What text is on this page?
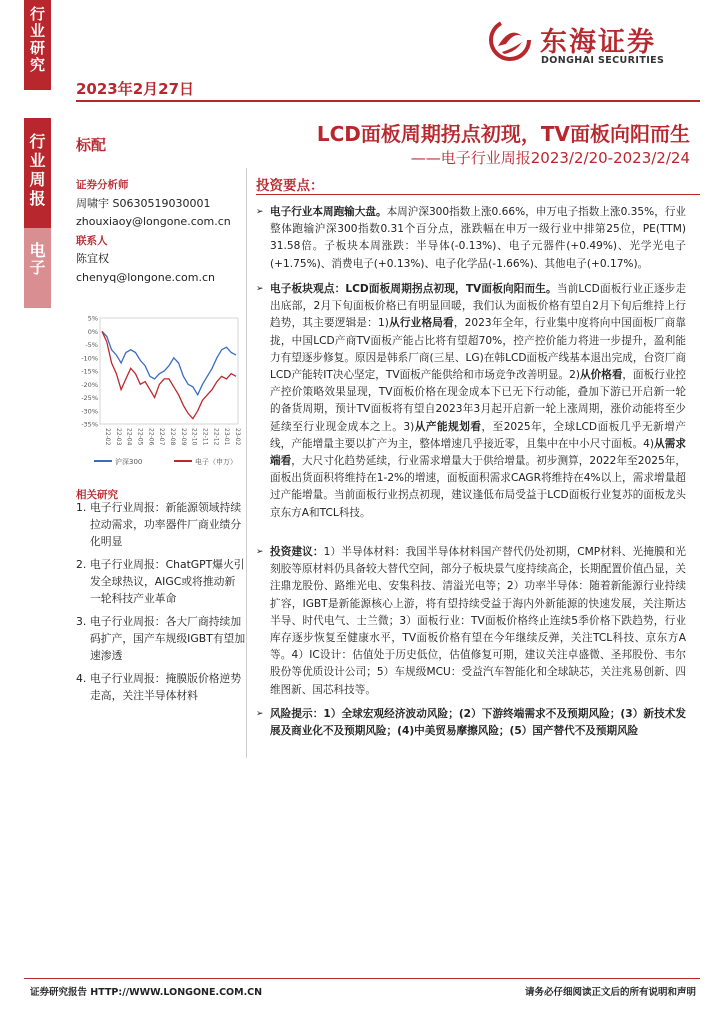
行业研究
行业周报
电子
2023年2月27日
东海证券
DONGHAI SECURITIES
标配	LCD面板周期拐点初现，TV面板向阳而生
——电子行业周报2023/2/20-2023/2/24
证券分析师
周啸宇 S0630519030001
zhouxiaoy@longone.com.cn
联系人
陈宜权
chenyq@longone.com.cn
5%
0%
-5%
-10%
-15%
-20%
-25%
-30%
-35%
22-02 22-03 22-04 22-05 22-06 22-07 22-08 22-09 22-10 22-11 22-12 23-01 23-02
沪深300	电子（申万）
相关研究
1. 电子行业周报：新能源领域持续拉动需求，功率器件厂商业绩分化明显
2. 电子行业周报：ChatGPT爆火引发全球热议，AIGC或将推动新一轮科技产业革命
3. 电子行业周报：各大厂商持续加码扩产，国产车规级IGBT有望加速渗透
4. 电子行业周报：掩膜版价格逆势走高，关注半导体材料
投资要点：
➢ 电子行业本周跑输大盘。本周沪深300指数上涨0.66%，申万电子指数上涨0.35%，行业整体跑输沪深300指数0.31个百分点，涨跌幅在申万一级行业中排第25位，PE(TTM) 31.58倍。子板块本周涨跌：半导体(-0.13%)、电子元器件(+0.49%)、光学光电子(+1.75%)、消费电子(+0.13%)、电子化学品(-1.66%)、其他电子(+0.17%)。
➢ 电子板块观点：LCD面板周期拐点初现，TV面板向阳而生。当前LCD面板行业正逐步走出底部，2月下旬面板价格已有明显回暖，我们认为面板价格有望自2月下旬后维持上行趋势，其主要逻辑是：1)从行业格局看，2023年全年，行业集中度将向中国面板厂商靠拢，中国LCD产商TV面板产能占比将有望超70%，控产控价能力将进一步提升，盈利能力有望逐步修复。原因是韩系厂商(三星、LG)在韩LCD面板产线基本退出完成，台资厂商LCD产能转IT决心坚定，TV面板产能供给和市场竞争改善明显。2)从价格看，面板行业控产控价策略效果显现，TV面板价格在现金成本下已无下行动能，叠加下游已开启新一轮的备货周期，预计TV面板将有望自2023年3月起开启新一轮上涨周期，涨价动能将至少延续至行业现金成本之上。3)从产能规划看，至2025年，全球LCD面板几乎无新增产线，产能增量主要以扩产为主，整体增速几乎接近零，且集中在中小尺寸面板。4)从需求端看，大尺寸化趋势延续，行业需求增量大于供给增量。初步测算，2022年至2025年，面板出货面积将维持在1-2%的增速，面板面积需求CAGR将维持在4%以上，需求增量超过产能增量。当前面板行业拐点初现，建议逢低布局受益于LCD面板行业复苏的面板龙头京东方A和TCL科技。
➢ 投资建议：1）半导体材料：我国半导体材料国产替代仍处初期，CMP材料、光掩膜和光刻胶等原材料仍具备较大替代空间，部分子板块景气度持续高企，长期配置价值凸显，关注鼎龙股份、路维光电、安集科技、清溢光电等；2）功率半导体：随着新能源行业持续扩容，IGBT是新能源核心上游，将有望持续受益于海内外新能源的快速发展，关注斯达半导、时代电气、士兰微；3）面板行业：TV面板价格终止连续5季价格下跌趋势，行业库存逐步恢复至健康水平，TV面板价格有望在今年继续反弹，关注TCL科技、京东方A等。4）IC设计：估值处于历史低位，估值修复可期，建议关注卓盛微、圣邦股份、韦尔股份等优质设计公司；5）车规级MCU：受益汽车智能化和全球缺芯，关注兆易创新、四维图新、国芯科技等。
➢ 风险提示：1）全球宏观经济波动风险；(2）下游终端需求不及预期风险；(3）新技术发展及商业化不及预期风险；(4)中美贸易摩擦风险；(5）国产替代不及预期风险
证券研究报告 HTTP://WWW.LONGONE.COM.CN	请务必仔细阅读正文后的所有说明和声明
